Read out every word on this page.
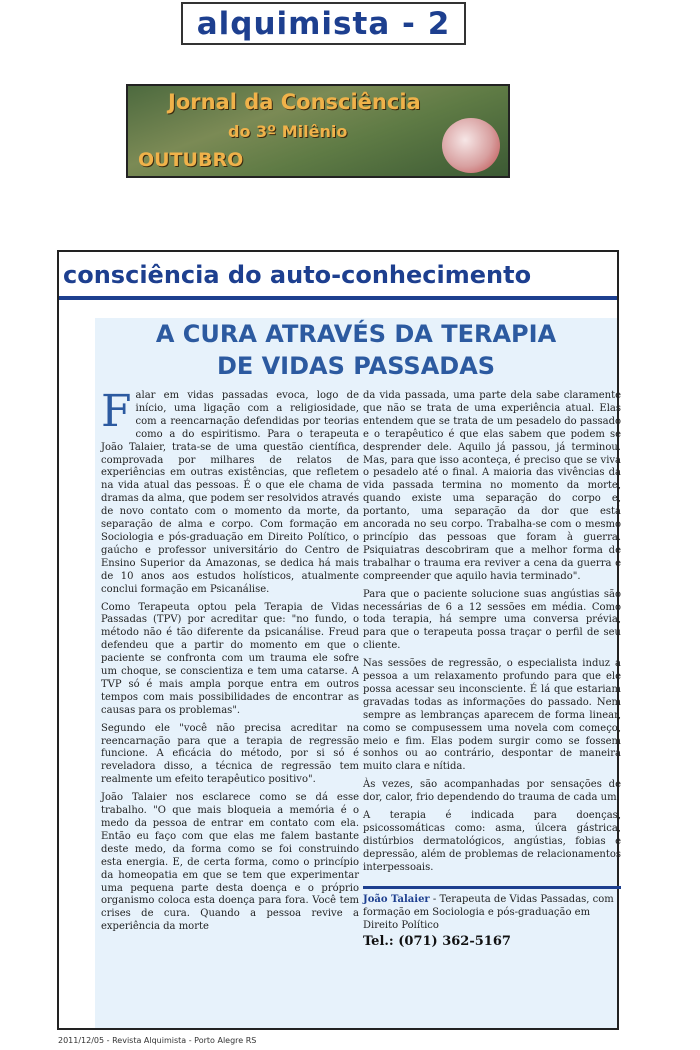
alquimista - 2
Jornal da Consciência
do 3º Milênio
OUTUBRO
consciência do auto-conhecimento
A CURA ATRAVÉS DA TERAPIA
DE VIDAS PASSADAS

Falar em vidas passadas evoca, logo de início, uma ligação com a religiosidade, com a reencarnação defendidas por teorias como a do espiritismo. Para o terapeuta João Talaier, trata-se de uma questão científica, comprovada por milhares de relatos de experiências em outras existências, que refletem na vida atual das pessoas. É o que ele chama de dramas da alma, que podem ser resolvidos através de novo contato com o momento da morte, da separação de alma e corpo. Com formação em Sociologia e pós-graduação em Direito Político, o gaúcho e professor universitário do Centro de Ensino Superior da Amazonas, se dedica há mais de 10 anos aos estudos holísticos, atualmente conclui formação em Psicanálise.

Como Terapeuta optou pela Terapia de Vidas Passadas (TPV) por acreditar que: "no fundo, o método não é tão diferente da psicanálise. Freud defendeu que a partir do momento em que o paciente se confronta com um trauma ele sofre um choque, se conscientiza e tem uma catarse. A TVP só é mais ampla porque entra em outros tempos com mais possibilidades de encontrar as causas para os problemas".

Segundo ele "você não precisa acreditar na reencarnação para que a terapia de regressão funcione. A eficácia do método, por si só é reveladora disso, a técnica de regressão tem realmente um efeito terapêutico positivo".

João Talaier nos esclarece como se dá esse trabalho. "O que mais bloqueia a memória é o medo da pessoa de entrar em contato com ela. Então eu faço com que elas me falem bastante deste medo, da forma como se foi construindo esta energia. E, de certa forma, como o princípio da homeopatia em que se tem que experimentar uma pequena parte desta doença e o próprio organismo coloca esta doença para fora. Você tem crises de cura. Quando a pessoa revive a experiência da morte

da vida passada, uma parte dela sabe claramente que não se trata de uma experiência atual. Elas entendem que se trata de um pesadelo do passado e o terapêutico é que elas sabem que podem se desprender dele. Aquilo já passou, já terminou. Mas, para que isso aconteça, é preciso que se viva o pesadelo até o final. A maioria das vivências da vida passada termina no momento da morte, quando existe uma separação do corpo e, portanto, uma separação da dor que está ancorada no seu corpo. Trabalha-se com o mesmo princípio das pessoas que foram à guerra. Psiquiatras descobriram que a melhor forma de trabalhar o trauma era reviver a cena da guerra e compreender que aquilo havia terminado".

Para que o paciente solucione suas angústias são necessárias de 6 a 12 sessões em média. Como toda terapia, há sempre uma conversa prévia, para que o terapeuta possa traçar o perfil de seu cliente.

Nas sessões de regressão, o especialista induz a pessoa a um relaxamento profundo para que ele possa acessar seu inconsciente. É lá que estariam gravadas todas as informações do passado. Nem sempre as lembranças aparecem de forma linear, como se compusessem uma novela com começo, meio e fim. Elas podem surgir como se fossem sonhos ou ao contrário, despontar de maneira muito clara e nítida.

Às vezes, são acompanhadas por sensações de dor, calor, frio dependendo do trauma de cada um.

A terapia é indicada para doenças, psicossomáticas como: asma, úlcera gástrica, distúrbios dermatológicos, angústias, fobias e depressão, além de problemas de relacionamentos interpessoais.

João Talaier - Terapeuta de Vidas Passadas, com formação em Sociologia e pós-graduação em Direito Político
Tel.: (071) 362-5167
2011/12/05 - Revista Alquimista - Porto Alegre RS
